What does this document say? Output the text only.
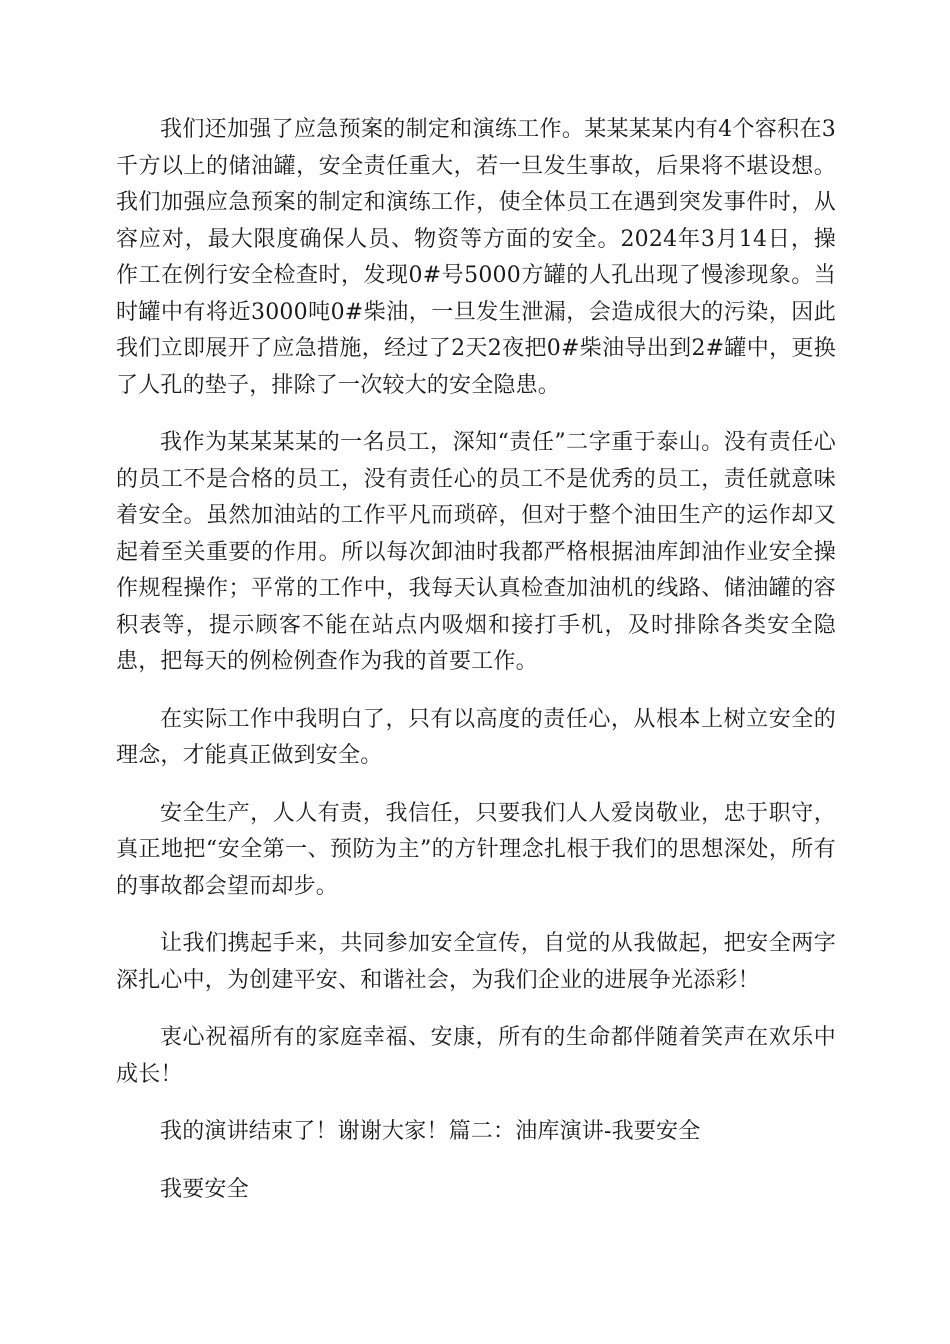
我们还加强了应急预案的制定和演练工作。某某某某内有4个容积在3千方以上的储油罐，安全责任重大，若一旦发生事故，后果将不堪设想。我们加强应急预案的制定和演练工作，使全体员工在遇到突发事件时，从容应对，最大限度确保人员、物资等方面的安全。2024年3月14日，操作工在例行安全检查时，发现0#号5000方罐的人孔出现了慢渗现象。当时罐中有将近3000吨0#柴油，一旦发生泄漏，会造成很大的污染，因此我们立即展开了应急措施，经过了2天2夜把0#柴油导出到2#罐中，更换了人孔的垫子，排除了一次较大的安全隐患。

我作为某某某某的一名员工，深知“责任”二字重于泰山。没有责任心的员工不是合格的员工，没有责任心的员工不是优秀的员工，责任就意味着安全。虽然加油站的工作平凡而琐碎，但对于整个油田生产的运作却又起着至关重要的作用。所以每次卸油时我都严格根据油库卸油作业安全操作规程操作；平常的工作中，我每天认真检查加油机的线路、储油罐的容积表等，提示顾客不能在站点内吸烟和接打手机，及时排除各类安全隐患，把每天的例检例查作为我的首要工作。

在实际工作中我明白了，只有以高度的责任心，从根本上树立安全的理念，才能真正做到安全。

安全生产，人人有责，我信任，只要我们人人爱岗敬业，忠于职守，真正地把“安全第一、预防为主”的方针理念扎根于我们的思想深处，所有的事故都会望而却步。

让我们携起手来，共同参加安全宣传，自觉的从我做起，把安全两字深扎心中，为创建平安、和谐社会，为我们企业的进展争光添彩！

衷心祝福所有的家庭幸福、安康，所有的生命都伴随着笑声在欢乐中成长！

我的演讲结束了！谢谢大家！篇二：油库演讲-我要安全

我要安全
